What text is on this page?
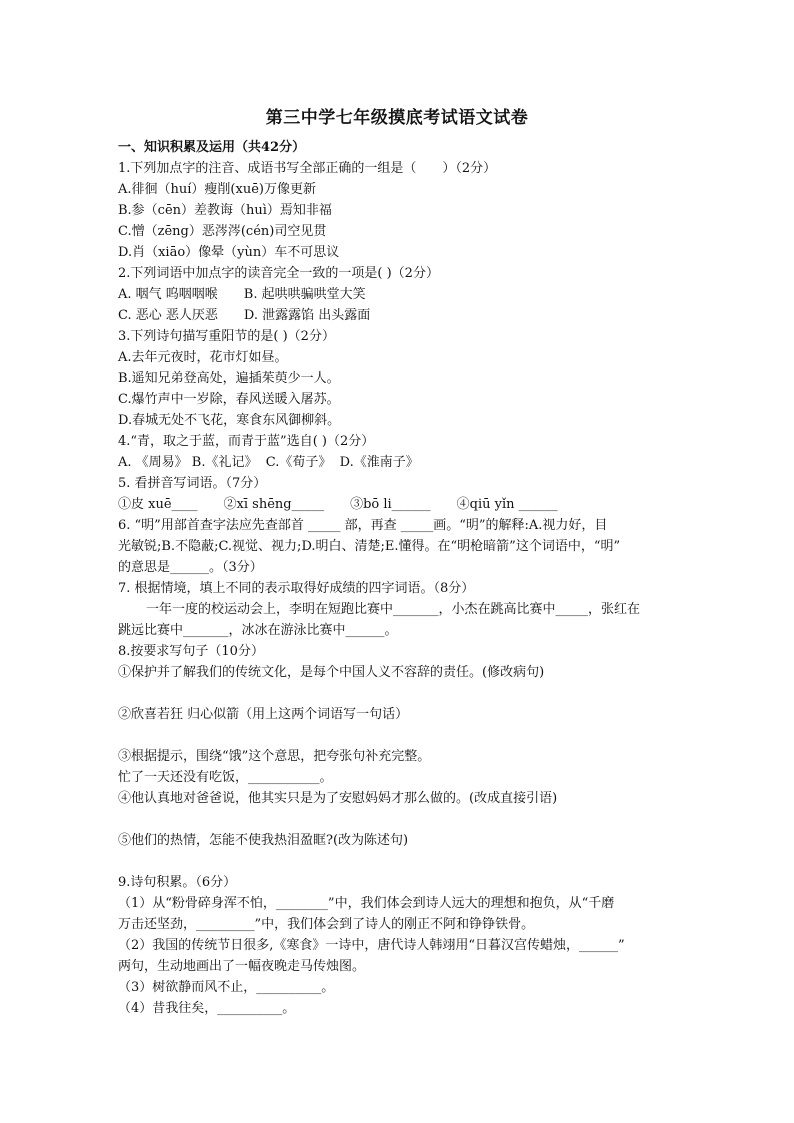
第三中学七年级摸底考试语文试卷
一、知识积累及运用（共42分）
1.下列加点字的注音、成语书写全部正确的一组是（　　）（2分）
A.徘徊（huí）瘦削(xuē)万像更新
B.参（cēn）差教诲（huì）焉知非福
C.憎（zēng）恶涔涔(cén)司空见贯
D.肖（xiāo）像晕（yùn）车不可思议
2.下列词语中加点字的读音完全一致的一项是( )（2分）
A. 咽气 呜咽咽喉　　B. 起哄哄骗哄堂大笑
C. 恶心 恶人厌恶　　D. 泄露露馅 出头露面
3.下列诗句描写重阳节的是( )（2分）
A.去年元夜时，花市灯如昼。
B.遥知兄弟登高处，遍插茱萸少一人。
C.爆竹声中一岁除，春风送暖入屠苏。
D.春城无处不飞花，寒食东风御柳斜。
4.“青，取之于蓝，而青于蓝”选自( )（2分）
A. 《周易》 B.《礼记》  C.《荀子》  D.《淮南子》
5. 看拼音写词语。（7分）
①皮 xuē____　　②xī shēng_____　　③bō li______　　④qiū yǐn ______
6. “明”用部首查字法应先查部首 _____ 部，再查 _____画。“明”的解释:A.视力好，目
光敏锐;B.不隐蔽;C.视觉、视力;D.明白、清楚;E.懂得。在“明枪暗箭”这个词语中，“明”
的意思是______。（3分）
7. 根据情境，填上不同的表示取得好成绩的四字词语。（8分）
一年一度的校运动会上，李明在短跑比赛中_______，小杰在跳高比赛中_____，张红在
跳远比赛中_______，冰冰在游泳比赛中______。
8.按要求写句子（10分）
①保护并了解我们的传统文化，是每个中国人义不容辞的责任。(修改病句)
②欣喜若狂 归心似箭（用上这两个词语写一句话）
③根据提示，围绕“饿”这个意思，把夸张句补充完整。
忙了一天还没有吃饭，___________。
④他认真地对爸爸说，他其实只是为了安慰妈妈才那么做的。(改成直接引语)
⑤他们的热情，怎能不使我热泪盈眶?(改为陈述句)
9.诗句积累。（6分）
（1）从“粉骨碎身浑不怕，________”中，我们体会到诗人远大的理想和抱负，从“千磨
万击还坚劲，_________”中，我们体会到了诗人的刚正不阿和铮铮铁骨。
（2）我国的传统节日很多,《寒食》一诗中，唐代诗人韩翊用“日暮汉宫传蜡烛，______”
两句，生动地画出了一幅夜晚走马传烛图。
（3）树欲静而风不止，__________。
（4）昔我往矣，__________。
